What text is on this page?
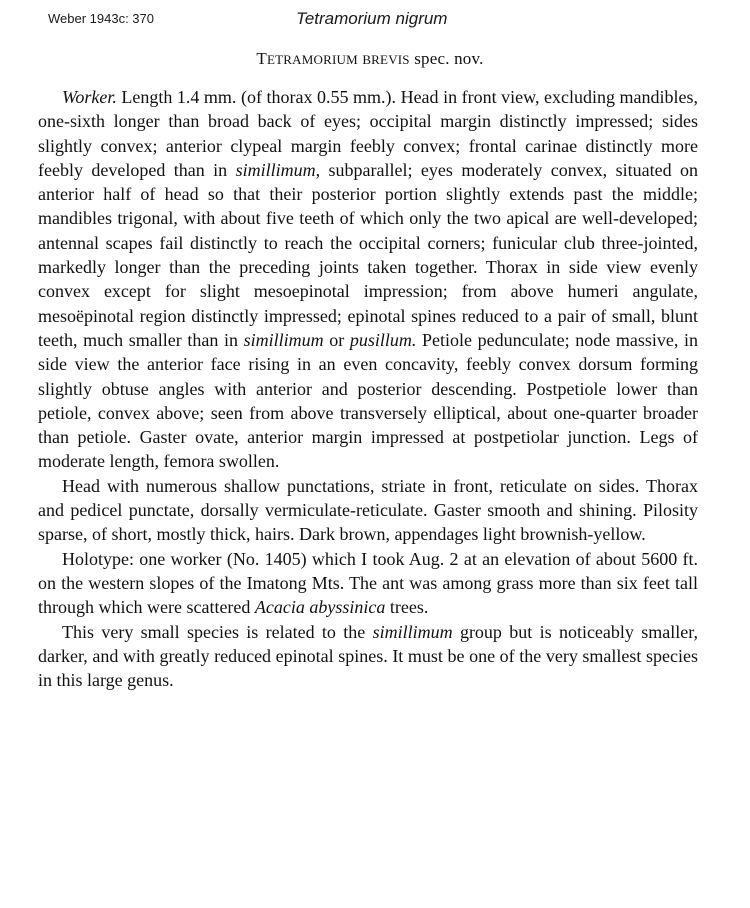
Weber 1943c: 370	Tetramorium nigrum
TETRAMORIUM BREVIS spec. nov.

Worker. Length 1.4 mm. (of thorax 0.55 mm.). Head in front view, excluding mandibles, one-sixth longer than broad back of eyes; occipital margin distinctly impressed; sides slightly convex; anterior clypeal margin feebly convex; frontal carinae distinctly more feebly developed than in simillimum, subparallel; eyes moderately convex, situated on anterior half of head so that their posterior portion slightly extends past the middle; mandibles trigonal, with about five teeth of which only the two apical are well-developed; antennal scapes fail distinctly to reach the occipital corners; funicular club three-jointed, markedly longer than the preceding joints taken together. Thorax in side view evenly convex except for slight mesoepinotal impression; from above humeri angulate, mesoëpinotal region distinctly impressed; epinotal spines reduced to a pair of small, blunt teeth, much smaller than in simillimum or pusillum. Petiole pedunculate; node massive, in side view the anterior face rising in an even concavity, feebly convex dorsum forming slightly obtuse angles with anterior and posterior descending. Postpetiole lower than petiole, convex above; seen from above transversely elliptical, about one-quarter broader than petiole. Gaster ovate, anterior margin impressed at postpetiolar junction. Legs of moderate length, femora swollen.

Head with numerous shallow punctations, striate in front, reticulate on sides. Thorax and pedicel punctate, dorsally vermiculate-reticulate. Gaster smooth and shining. Pilosity sparse, of short, mostly thick, hairs. Dark brown, appendages light brownish-yellow.

Holotype: one worker (No. 1405) which I took Aug. 2 at an elevation of about 5600 ft. on the western slopes of the Imatong Mts. The ant was among grass more than six feet tall through which were scattered Acacia abyssinica trees.

This very small species is related to the simillimum group but is noticeably smaller, darker, and with greatly reduced epinotal spines. It must be one of the very smallest species in this large genus.
